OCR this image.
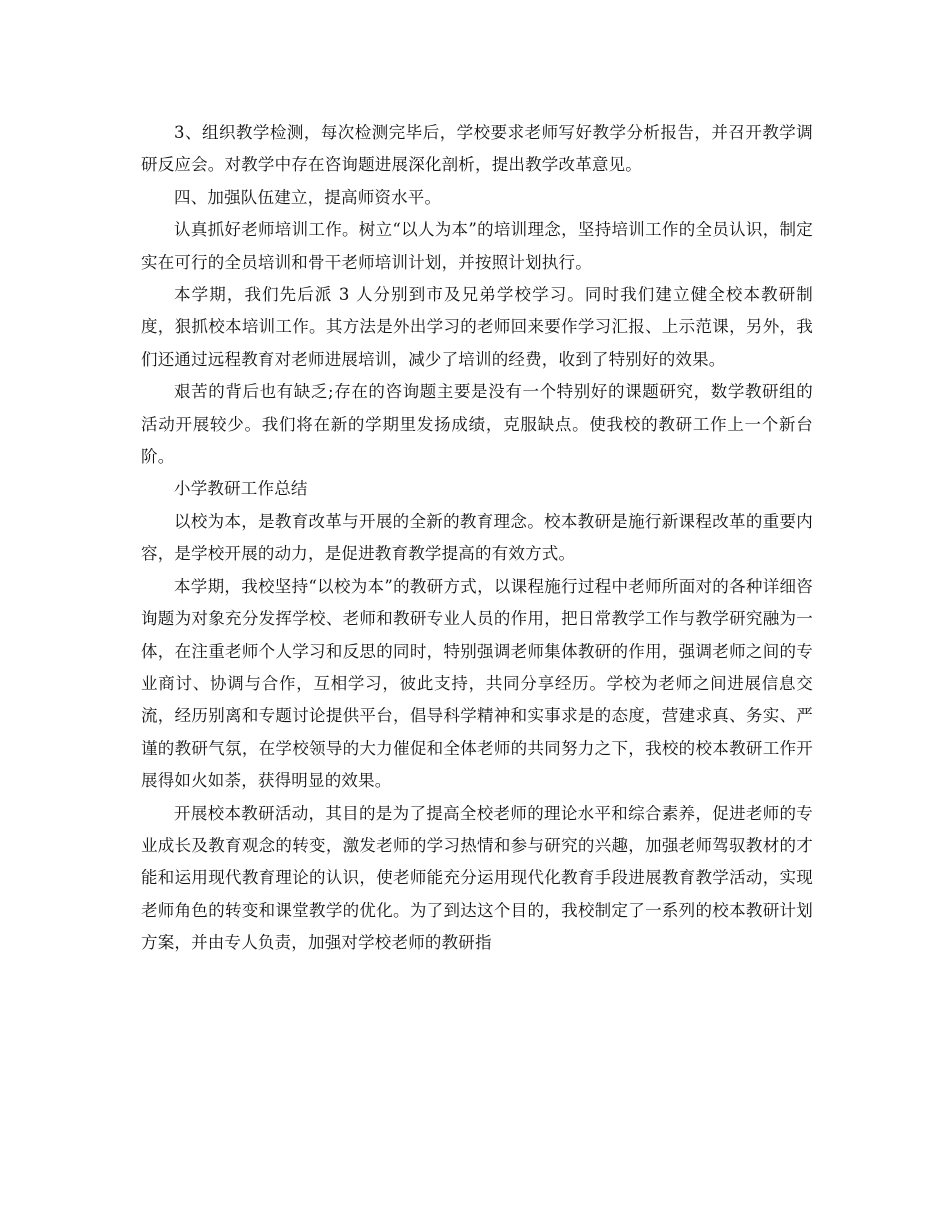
3、组织教学检测，每次检测完毕后，学校要求老师写好教学分析报告，并召开教学调研反应会。对教学中存在咨询题进展深化剖析，提出教学改革意见。

四、加强队伍建立，提高师资水平。

认真抓好老师培训工作。树立“以人为本”的培训理念，坚持培训工作的全员认识，制定实在可行的全员培训和骨干老师培训计划，并按照计划执行。

本学期，我们先后派 3 人分别到市及兄弟学校学习。同时我们建立健全校本教研制度，狠抓校本培训工作。其方法是外出学习的老师回来要作学习汇报、上示范课，另外，我们还通过远程教育对老师进展培训，减少了培训的经费，收到了特别好的效果。

艰苦的背后也有缺乏;存在的咨询题主要是没有一个特别好的课题研究，数学教研组的活动开展较少。我们将在新的学期里发扬成绩，克服缺点。使我校的教研工作上一个新台阶。

小学教研工作总结

以校为本，是教育改革与开展的全新的教育理念。校本教研是施行新课程改革的重要内容，是学校开展的动力，是促进教育教学提高的有效方式。

本学期，我校坚持“以校为本”的教研方式，以课程施行过程中老师所面对的各种详细咨询题为对象充分发挥学校、老师和教研专业人员的作用，把日常教学工作与教学研究融为一体，在注重老师个人学习和反思的同时，特别强调老师集体教研的作用，强调老师之间的专业商讨、协调与合作，互相学习，彼此支持，共同分享经历。学校为老师之间进展信息交流，经历别离和专题讨论提供平台，倡导科学精神和实事求是的态度，营建求真、务实、严谨的教研气氛，在学校领导的大力催促和全体老师的共同努力之下，我校的校本教研工作开展得如火如荼，获得明显的效果。

开展校本教研活动，其目的是为了提高全校老师的理论水平和综合素养，促进老师的专业成长及教育观念的转变，激发老师的学习热情和参与研究的兴趣，加强老师驾驭教材的才能和运用现代教育理论的认识，使老师能充分运用现代化教育手段进展教育教学活动，实现老师角色的转变和课堂教学的优化。为了到达这个目的，我校制定了一系列的校本教研计划方案，并由专人负责，加强对学校老师的教研指
